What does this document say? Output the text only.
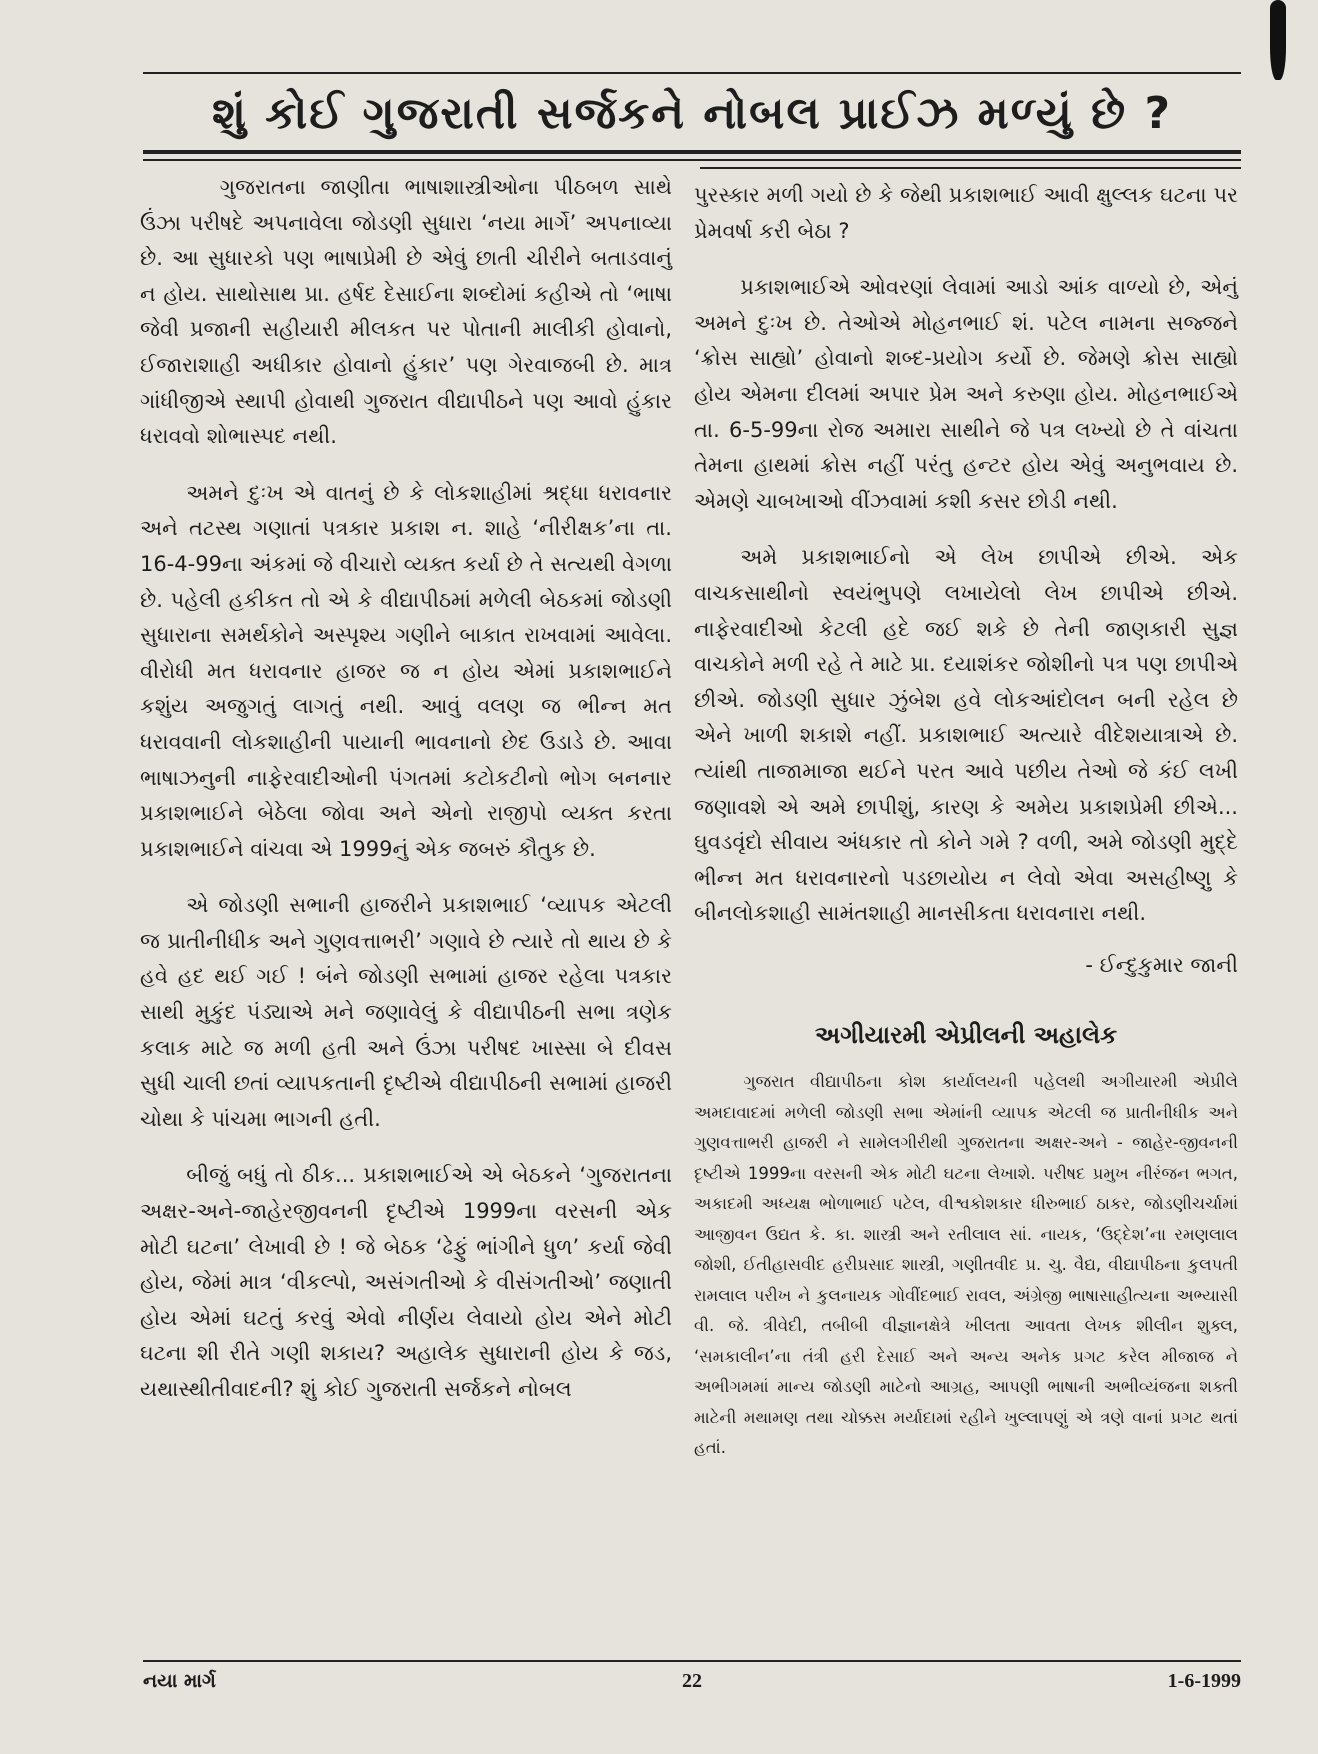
શું કોઈ ગુજરાતી સર્જકને નોબલ પ્રાઈઝ મળ્યું છે ?

ગુજરાતના જાણીતા ભાષાશાસ્ત્રીઓના પીઠબળ સાથે ઉંઝા પરીષદે અપનાવેલા જોડણી સુધારા ‘નયા માર્ગે’ અપનાવ્યા છે. આ સુધારકો પણ ભાષાપ્રેમી છે એવું છાતી ચીરીને બતાડવાનું ન હોય. સાથોસાથ પ્રા. હર્ષદ દેસાઈના શબ્દોમાં કહીએ તો ‘ભાષા જેવી પ્રજાની સહીયારી મીલકત પર પોતાની માલીકી હોવાનો, ઈજારાશાહી અધીકાર હોવાનો હુંકાર’ પણ ગેરવાજબી છે. માત્ર ગાંધીજીએ સ્થાપી હોવાથી ગુજરાત વીદ્યાપીઠને પણ આવો હુંકાર ધરાવવો શોભાસ્પદ નથી.

અમને દુઃખ એ વાતનું છે કે લોકશાહીમાં શ્રદ્ધા ધરાવનાર અને તટસ્થ ગણાતાં પત્રકાર પ્રકાશ ન. શાહે ‘નીરીક્ષક’ના તા. 16-4-99ના અંકમાં જે વીચારો વ્યક્ત કર્યા છે તે સત્યથી વેગળા છે. પહેલી હકીકત તો એ કે વીદ્યાપીઠમાં મળેલી બેઠકમાં જોડણી સુધારાના સમર્થકોને અસ્પૃશ્ય ગણીને બાકાત રાખવામાં આવેલા. વીરોધી મત ધરાવનાર હાજર જ ન હોય એમાં પ્રકાશભાઈને કશુંય અજુગતું લાગતું નથી. આવું વલણ જ ભીન્ન મત ધરાવવાની લોકશાહીની પાયાની ભાવનાનો છેદ ઉડાડે છે. આવા ભાષાઝનુની નાફેરવાદીઓની પંગતમાં કટોકટીનો ભોગ બનનાર પ્રકાશભાઈને બેઠેલા જોવા અને એનો રાજીપો વ્યક્ત કરતા પ્રકાશભાઈને વાંચવા એ 1999નું એક જબરું કૌતુક છે.

એ જોડણી સભાની હાજરીને પ્રકાશભાઈ ‘વ્યાપક એટલી જ પ્રાતીનીધીક અને ગુણવત્તાભરી’ ગણાવે છે ત્યારે તો થાય છે કે હવે હદ થઈ ગઈ ! બંને જોડણી સભામાં હાજર રહેલા પત્રકાર સાથી મુકુંદ પંડ્યાએ મને જણાવેલું કે વીદ્યાપીઠની સભા ત્રણેક કલાક માટે જ મળી હતી અને ઉંઝા પરીષદ ખાસ્સા બે દીવસ સુધી ચાલી છતાં વ્યાપકતાની દૃષ્ટીએ વીદ્યાપીઠની સભામાં હાજરી ચોથા કે પાંચમા ભાગની હતી.

બીજું બધું તો ઠીક... પ્રકાશભાઈએ એ બેઠકને ‘ગુજરાતના અક્ષર-અને-જાહેરજીવનની દૃષ્ટીએ 1999ના વરસની એક મોટી ઘટના’ લેખાવી છે ! જે બેઠક ‘ઢેફું ભાંગીને ધુળ’ કર્યા જેવી હોય, જેમાં માત્ર ‘વીકલ્પો, અસંગતીઓ કે વીસંગતીઓ’ જણાતી હોય એમાં ઘટતું કરવું એવો નીર્ણય લેવાયો હોય એને મોટી ઘટના શી રીતે ગણી શકાય? અહાલેક સુધારાની હોય કે જડ, યથાસ્થીતીવાદની? શું કોઈ ગુજરાતી સર્જકને નોબલ

પુરસ્કાર મળી ગયો છે કે જેથી પ્રકાશભાઈ આવી ક્ષુલ્લક ઘટના પર પ્રેમવર્ષા કરી બેઠા ?

પ્રકાશભાઈએ ઓવરણાં લેવામાં આડો આંક વાળ્યો છે, એનું અમને દુઃખ છે. તેઓએ મોહનભાઈ શં. પટેલ નામના સજ્જને ‘ક્રોસ સાહ્યો’ હોવાનો શબ્દ-પ્રયોગ કર્યો છે. જેમણે ક્રોસ સાહ્યો હોય એમના દીલમાં અપાર પ્રેમ અને કરુણા હોય. મોહનભાઈએ તા. 6-5-99ના રોજ અમારા સાથીને જે પત્ર લખ્યો છે તે વાંચતા તેમના હાથમાં ક્રોસ નહીં પરંતુ હન્ટર હોય એવું અનુભવાય છે. એમણે ચાબખાઓ વીંઝવામાં કશી કસર છોડી નથી.

અમે પ્રકાશભાઈનો એ લેખ છાપીએ છીએ. એક વાચકસાથીનો સ્વયંભુપણે લખાયેલો લેખ છાપીએ છીએ. નાફેરવાદીઓ કેટલી હદે જઈ શકે છે તેની જાણકારી સુજ્ઞ વાચકોને મળી રહે તે માટે પ્રા. દયાશંકર જોશીનો પત્ર પણ છાપીએ છીએ. જોડણી સુધાર ઝુંબેશ હવે લોકઆંદોલન બની રહેલ છે એને ખાળી શકાશે નહીં. પ્રકાશભાઈ અત્યારે વીદેશયાત્રાએ છે. ત્યાંથી તાજામાજા થઈને પરત આવે પછીય તેઓ જે કંઈ લખી જણાવશે એ અમે છાપીશું, કારણ કે અમેય પ્રકાશપ્રેમી છીએ... ઘુવડવૃંદો સીવાય અંધકાર તો કોને ગમે ? વળી, અમે જોડણી મુદ્દે ભીન્ન મત ધરાવનારનો પડછાયોય ન લેવો એવા અસહીષ્ણુ કે બીનલોકશાહી સામંતશાહી માનસીકતા ધરાવનારા નથી.

- ઈન્દુકુમાર જાની
અગીયારમી એપ્રીલની અહાલેક

ગુજરાત વીદ્યાપીઠના કોશ કાર્યાલયની પહેલથી અગીયારમી એપ્રીલે અમદાવાદમાં મળેલી જોડણી સભા એમાંની વ્યાપક એટલી જ પ્રાતીનીધીક અને ગુણવત્તાભરી હાજરી ને સામેલગીરીથી ગુજરાતના અક્ષર-અને - જાહેર-જીવનની દૃષ્ટીએ 1999ના વરસની એક મોટી ઘટના લેખાશે. પરીષદ પ્રમુખ નીરંજન ભગત, અકાદમી અધ્યક્ષ ભોળાભાઈ પટેલ, વીશ્વકોશકાર ધીરુભાઈ ઠાકર, જોડણીચર્ચામાં આજીવન ઉદ્યત કે. કા. શાસ્ત્રી અને રતીલાલ સાં. નાયક, ‘ઉદ્દેશ’ના રમણલાલ જોશી, ઈતીહાસવીદ હરીપ્રસાદ શાસ્ત્રી, ગણીતવીદ પ્ર. ચુ. વૈદ્ય, વીદ્યાપીઠના કુલપતી રામલાલ પરીખ ને કુલનાયક ગોવીંદભાઈ રાવલ, અંગ્રેજી ભાષાસાહીત્યના અભ્યાસી વી. જે. ત્રીવેદી, તબીબી વીજ્ઞાનક્ષેત્રે ખીલતા આવતા લેખક શીલીન શુક્લ, ‘સમકાલીન’ના તંત્રી હરી દેસાઈ અને અન્ય અનેક પ્રગટ કરેલ મીજાજ ને અભીગમમાં માન્ય જોડણી માટેનો આગ્રહ, આપણી ભાષાની અભીવ્યંજના શક્તી માટેની મથામણ તથા ચોક્કસ મર્યાદામાં રહીને ખુલ્લાપણું એ ત્રણે વાનાં પ્રગટ થતાં હતાં.

નયા માર્ગ	22	1-6-1999
